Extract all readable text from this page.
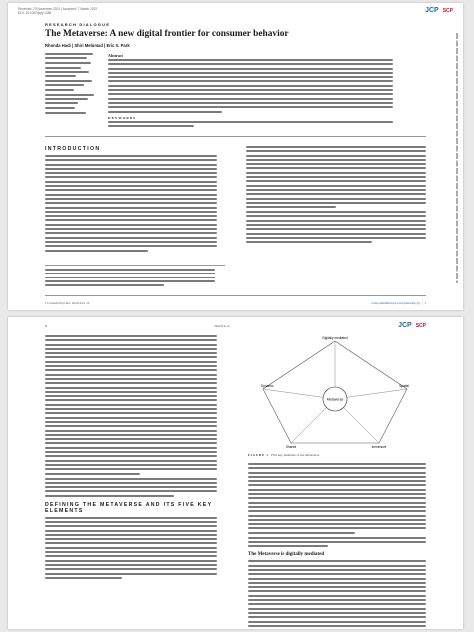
Received: 23 November 2021 | Accepted: 7 March 2022
DOI: 10.1002/jcpy.1356	JCP SCP
RESEARCH DIALOGUE
The Metaverse: A new digital frontier for consumer behavior
Rhonda Hadi | Shiri Melumad | Eric S. Park
Abstract
KEYWORDS
INTRODUCTION
J Consum Psychol. 2024;34:1–8.	wileyonlinelibrary.com/journal/jcpy  |  1
2	HADI et al.	JCP SCP
DEFINING THE METAVERSE AND ITS FIVE KEY ELEMENTS
Metaverse
Digitally mediated
Spatial
Immersive
Shared
Dynamic
FIGURE 1 Five key elements of the Metaverse
The Metaverse is digitally mediated
